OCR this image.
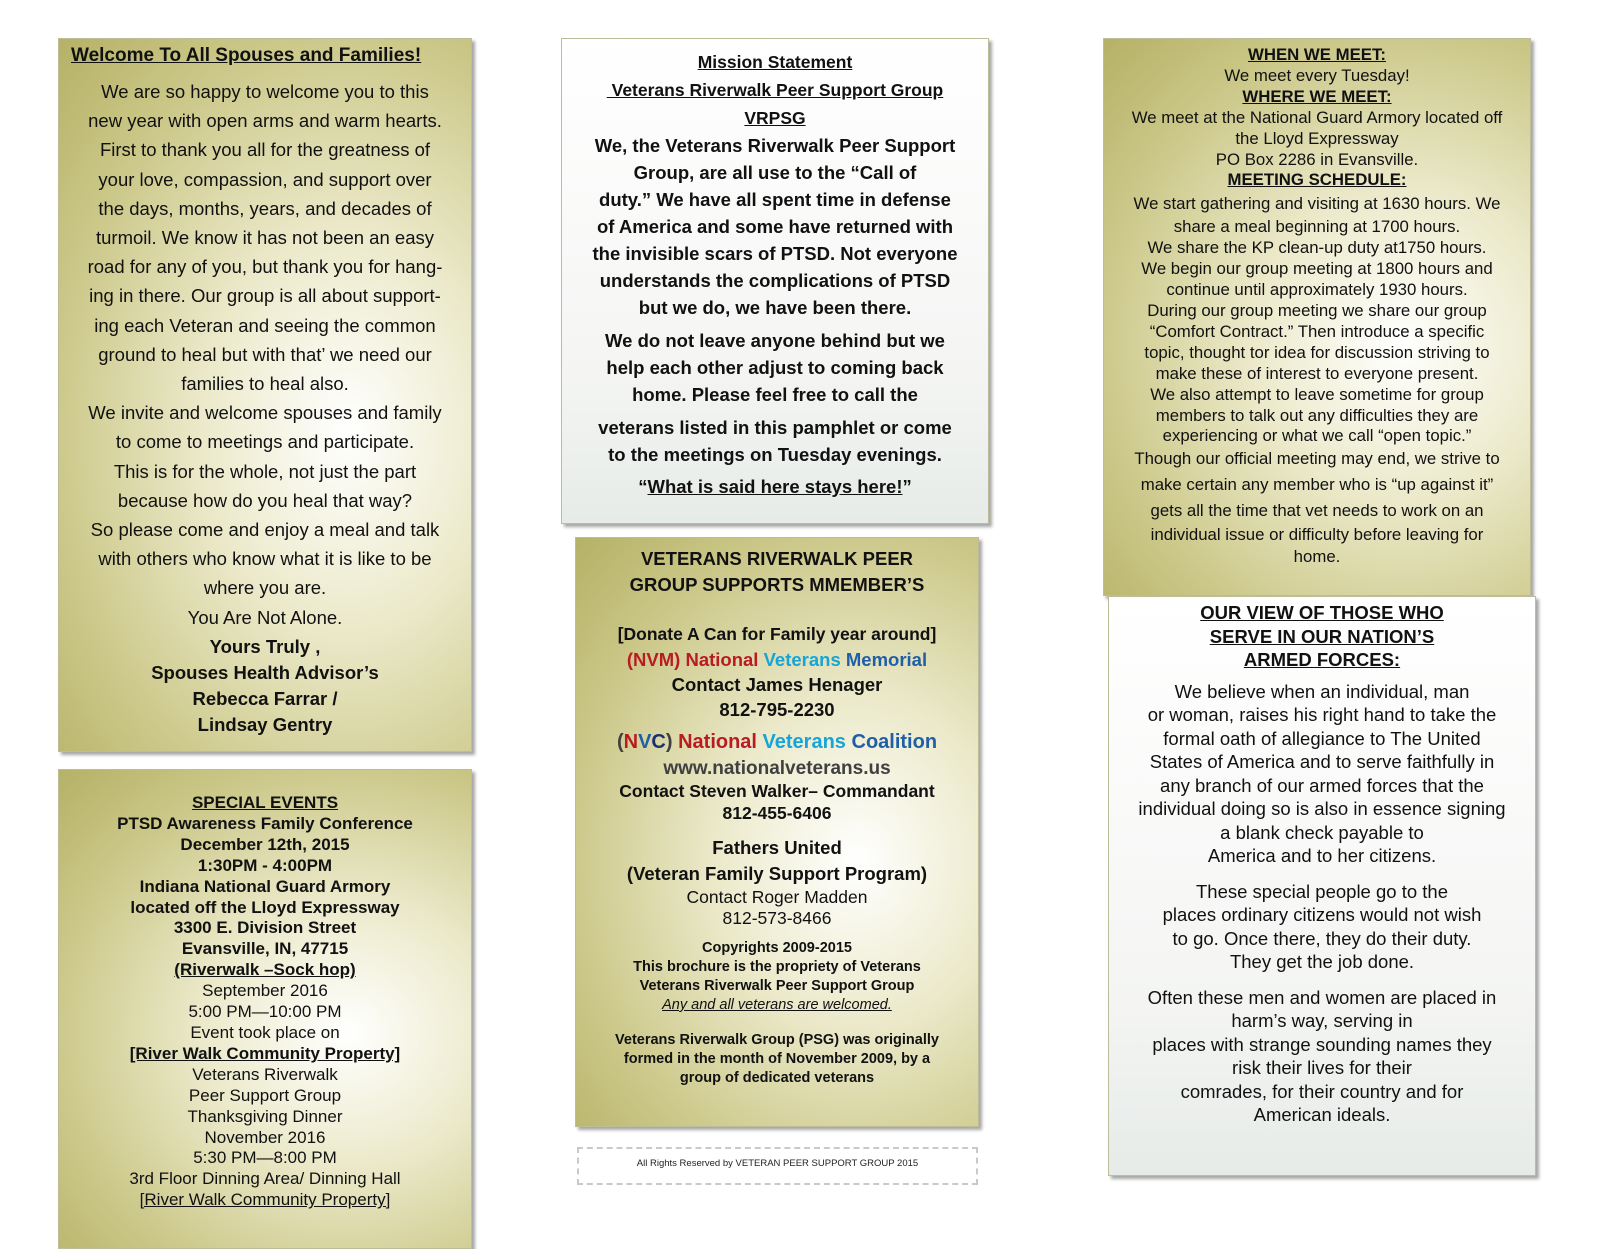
Welcome To All Spouses and Families!
We are so happy to welcome you to this
new year with open arms and warm hearts.
First to thank you all for the greatness of
your love, compassion, and support over
the days, months, years, and decades of
turmoil. We know it has not been an easy
road for any of you, but thank you for hang-
ing in there. Our group is all about support-
ing each Veteran and seeing the common
ground to heal but with that’ we need our
families to heal also.
We invite and welcome spouses and family
to come to meetings and participate.
This is for the whole, not just the part
because how do you heal that way?
So please come and enjoy a meal and talk
with others who know what it is like to be
where you are.
You Are Not Alone.
Yours Truly ,
Spouses Health Advisor’s
Rebecca Farrar /
Lindsay Gentry
SPECIAL EVENTS
PTSD Awareness Family Conference
December 12th, 2015
1:30PM - 4:00PM
Indiana National Guard Armory
located off the Lloyd Expressway
3300 E. Division Street
Evansville, IN, 47715
(Riverwalk –Sock hop)
September 2016
5:00 PM—10:00 PM
Event took place on
[River Walk Community Property]
Veterans Riverwalk
Peer Support Group
Thanksgiving Dinner
November 2016
5:30 PM—8:00 PM
3rd Floor Dinning Area/ Dinning Hall
[River Walk Community Property]
Mission Statement
Veterans Riverwalk Peer Support Group
VRPSG
We, the Veterans Riverwalk Peer Support
Group, are all use to the “Call of
duty.” We have all spent time in defense
of America and some have returned with
the invisible scars of PTSD. Not everyone
understands the complications of PTSD
but we do, we have been there.
We do not leave anyone behind but we
help each other adjust to coming back
home. Please feel free to call the
veterans listed in this pamphlet or come
to the meetings on Tuesday evenings.
“What is said here stays here!”
VETERANS RIVERWALK PEER
GROUP SUPPORTS MMEMBER’S
[Donate A Can for Family year around]
(NVM) National Veterans Memorial
Contact James Henager
812-795-2230
(NVC) National Veterans Coalition
www.nationalveterans.us
Contact Steven Walker– Commandant
812-455-6406
Fathers United
(Veteran Family Support Program)
Contact Roger Madden
812-573-8466
Copyrights 2009-2015
This brochure is the propriety of Veterans
Veterans Riverwalk Peer Support Group
Any and all veterans are welcomed.
Veterans Riverwalk Group (PSG) was originally
formed in the month of November 2009, by a
group of dedicated veterans
All Rights Reserved by VETERAN PEER SUPPORT GROUP 2015
WHEN WE MEET:
We meet every Tuesday!
WHERE WE MEET:
We meet at the National Guard Armory located off
the Lloyd Expressway
PO Box 2286 in Evansville.
MEETING SCHEDULE:
We start gathering and visiting at 1630 hours. We
share a meal beginning at 1700 hours.
We share the KP clean-up duty at1750 hours.
We begin our group meeting at 1800 hours and
continue until approximately 1930 hours.
During our group meeting we share our group
“Comfort Contract.” Then introduce a specific
topic, thought tor idea for discussion striving to
make these of interest to everyone present.
We also attempt to leave sometime for group
members to talk out any difficulties they are
experiencing or what we call “open topic.”
Though our official meeting may end, we strive to
make certain any member who is “up against it”
gets all the time that vet needs to work on an
individual issue or difficulty before leaving for
home.
OUR VIEW OF THOSE WHO
SERVE IN OUR NATION’S
ARMED FORCES:
We believe when an individual, man
or woman, raises his right hand to take the
formal oath of allegiance to The United
States of America and to serve faithfully in
any branch of our armed forces that the
individual doing so is also in essence signing
a blank check payable to
America and to her citizens.
These special people go to the
places ordinary citizens would not wish
to go. Once there, they do their duty.
They get the job done.
Often these men and women are placed in
harm’s way, serving in
places with strange sounding names they
risk their lives for their
comrades, for their country and for
American ideals.
